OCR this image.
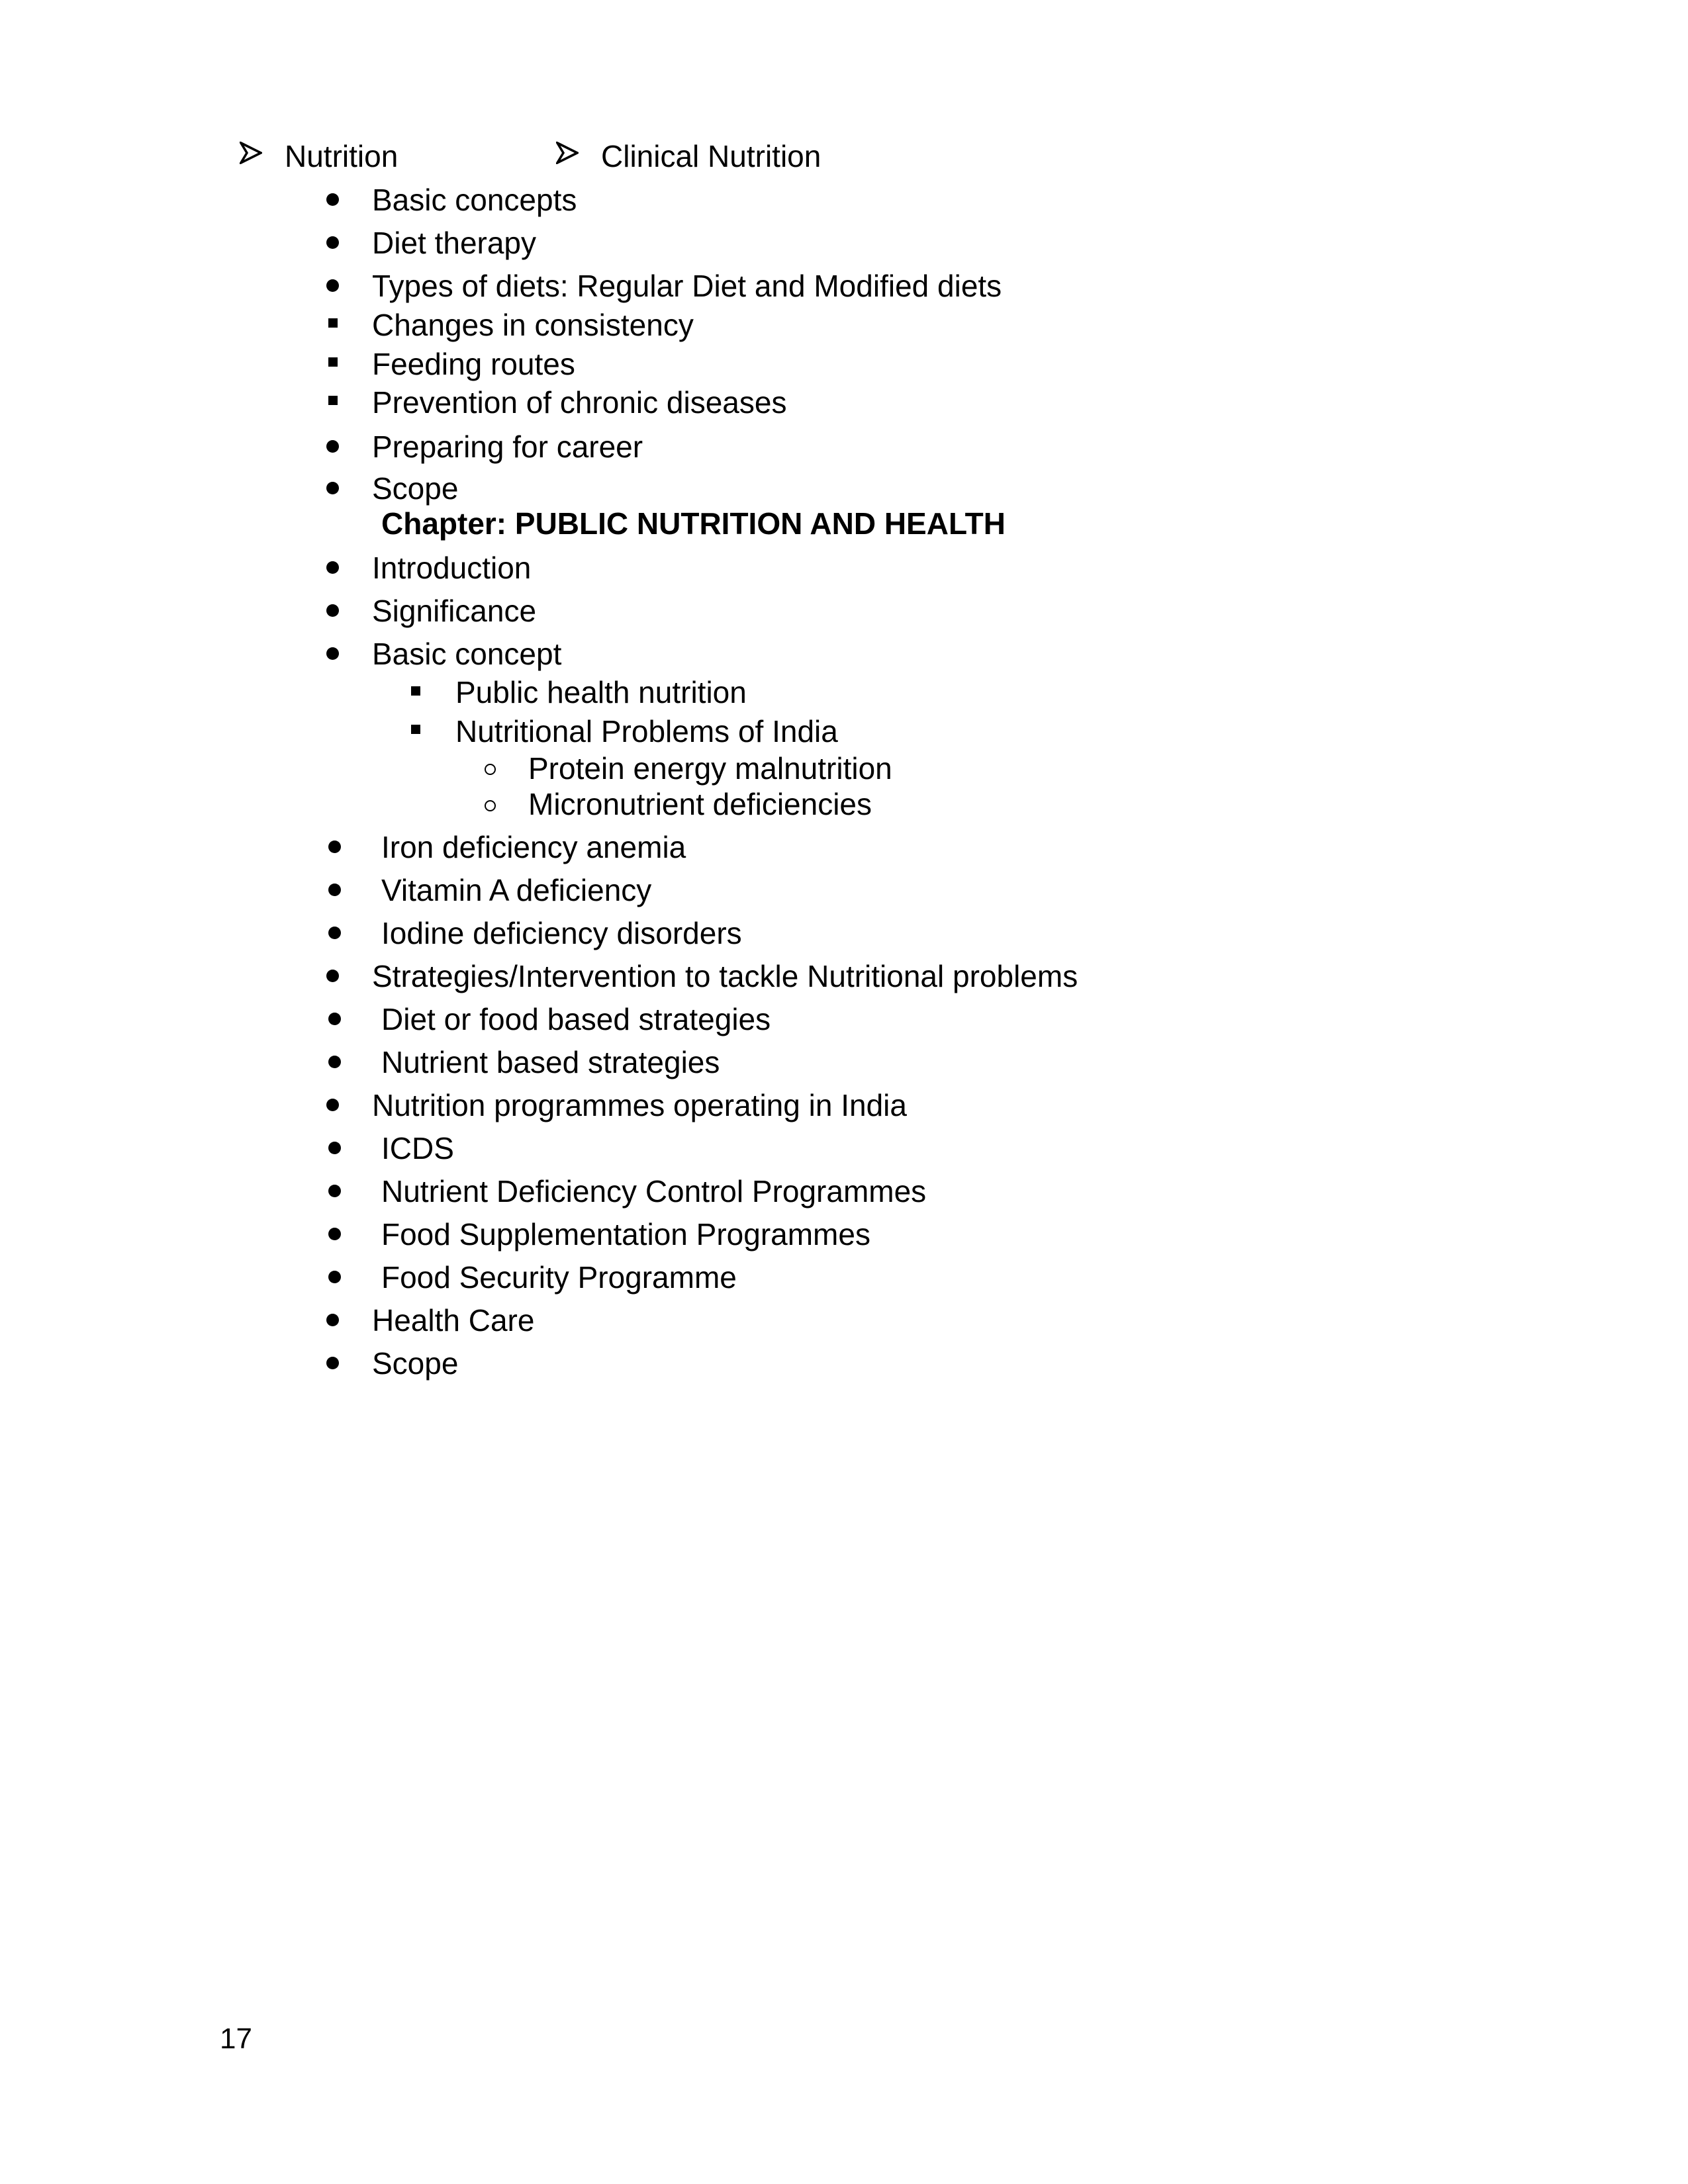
Nutrition	Clinical Nutrition
Basic concepts
Diet therapy
Types of diets: Regular Diet and Modified diets
Changes in consistency
Feeding routes
Prevention of chronic diseases
Preparing for career
Scope
Chapter: PUBLIC NUTRITION AND HEALTH
Introduction
Significance
Basic concept
Public health nutrition
Nutritional Problems of India
Protein energy malnutrition
Micronutrient deficiencies
Iron deficiency anemia
Vitamin A deficiency
Iodine deficiency disorders
Strategies/Intervention to tackle Nutritional problems
Diet or food based strategies
Nutrient based strategies
Nutrition programmes operating in India
ICDS
Nutrient Deficiency Control Programmes
Food Supplementation Programmes
Food Security Programme
Health Care
Scope
17
